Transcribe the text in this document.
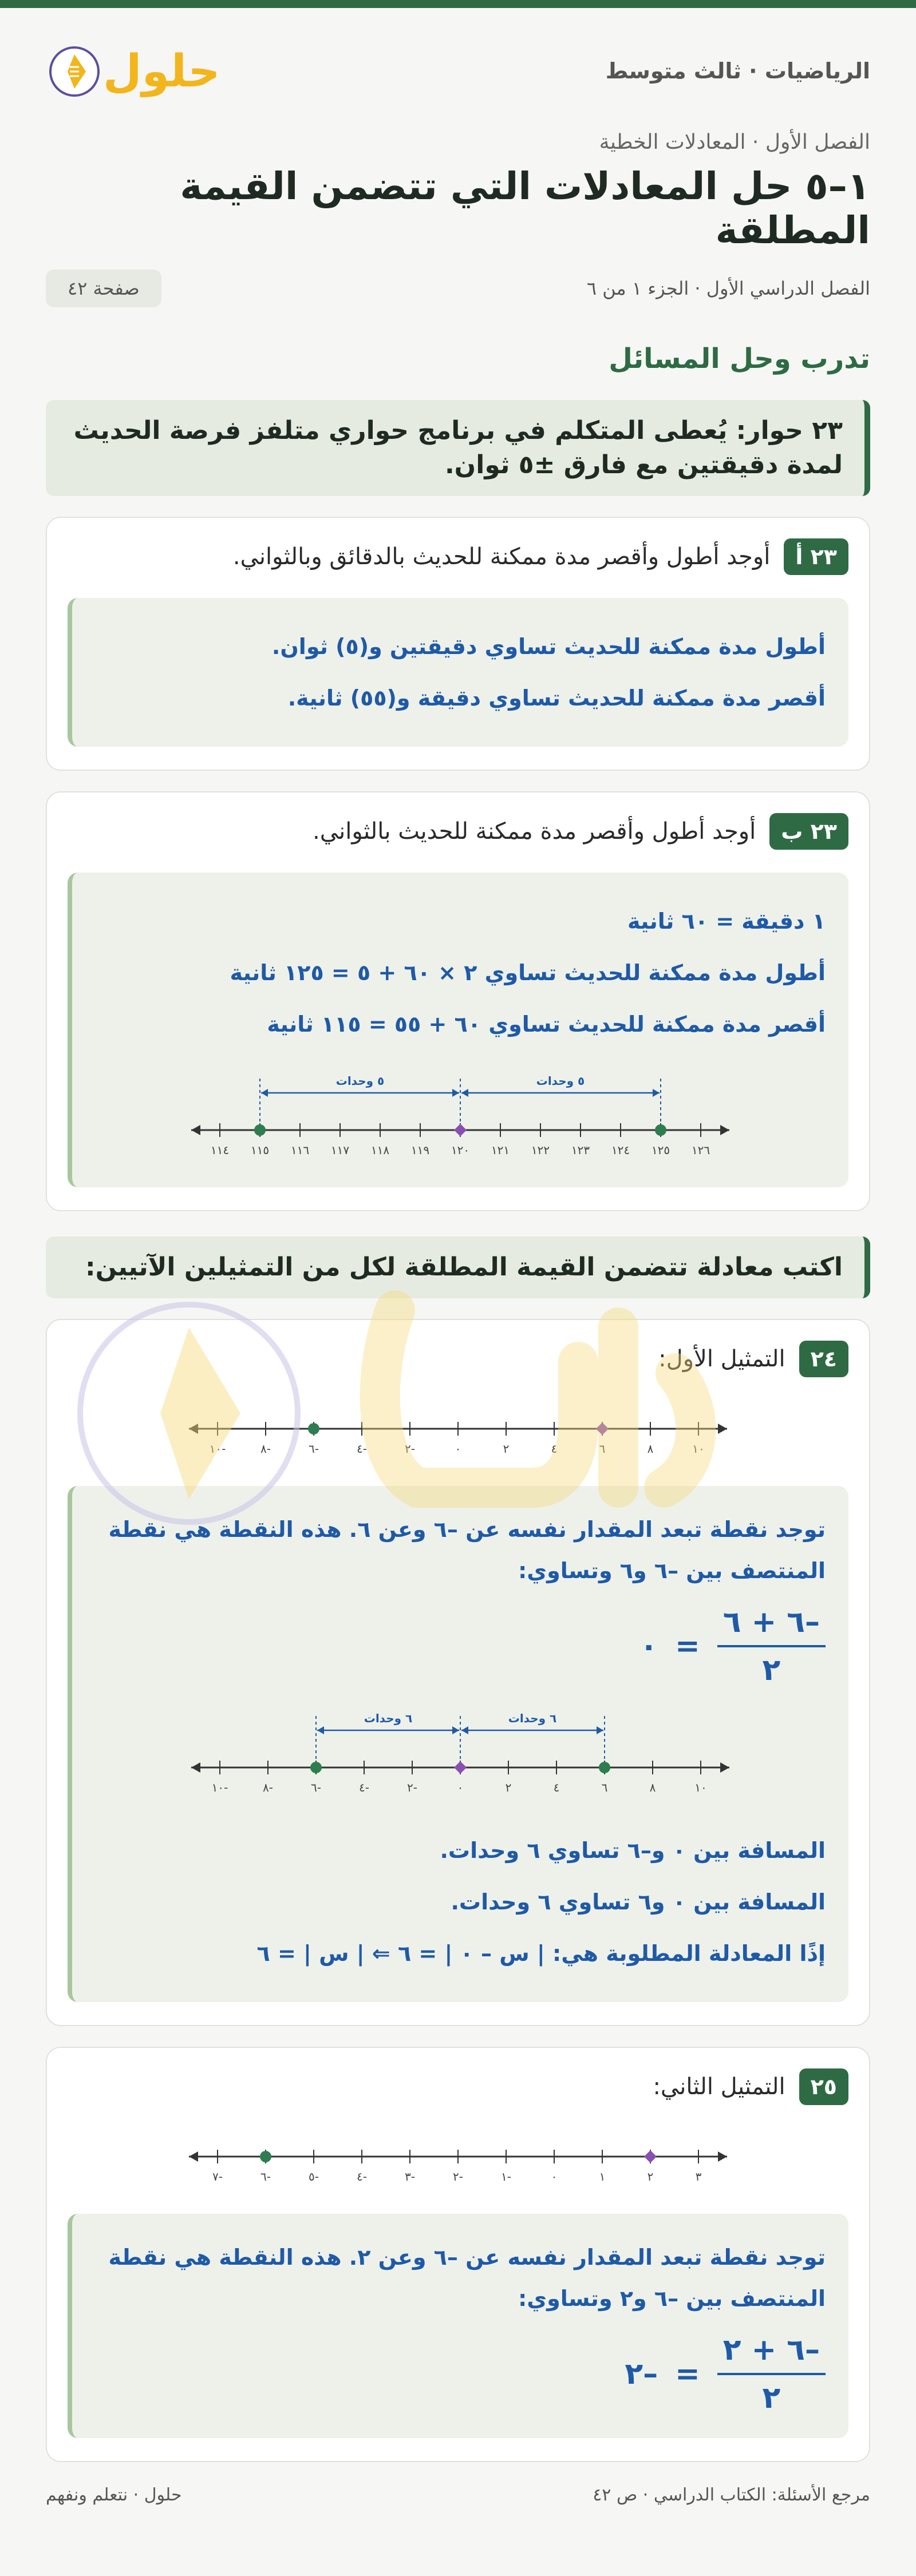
الرياضيات · ثالث متوسط
حلول
الفصل الأول · المعادلات الخطية
١–٥ حل المعادلات التي تتضمن القيمة المطلقة
الفصل الدراسي الأول · الجزء ١ من ٦
صفحة ٤٢
تدرب وحل المسائل
٢٣ حوار: يُعطى المتكلم في برنامج حواري متلفز فرصة الحديث لمدة دقيقتين مع فارق ±٥ ثوان.
٢٣ أ
أوجد أطول وأقصر مدة ممكنة للحديث بالدقائق وبالثواني.
أطول مدة ممكنة للحديث تساوي دقيقتين و(٥) ثوان.
أقصر مدة ممكنة للحديث تساوي دقيقة و(٥٥) ثانية.
٢٣ ب
أوجد أطول وأقصر مدة ممكنة للحديث بالثواني.
١ دقيقة = ٦٠ ثانية
أطول مدة ممكنة للحديث تساوي ٢ × ٦٠ + ٥ = ١٢٥ ثانية
أقصر مدة ممكنة للحديث تساوي ٦٠ + ٥٥ = ١١٥ ثانية
١١٤ ١١٥ ١١٦ ١١٧ ١١٨ ١١٩ ١٢٠ ١٢١ ١٢٢ ١٢٣ ١٢٤ ١٢٥ ١٢٦
٥ وحدات	٥ وحدات
اكتب معادلة تتضمن القيمة المطلقة لكل من التمثيلين الآتيين:
٢٤
التمثيل الأول:
-١٠	-٨	-٦	-٤	-٢	٠	٢	٤	٦	٨	١٠
توجد نقطة تبعد المقدار نفسه عن –٦ وعن ٦. هذه النقطة هي نقطة
المنتصف بين –٦ و٦ وتساوي:
$\frac{-٦ + ٦}{٢}$
=
٠
-١٠	-٨	-٦	-٤	-٢	٠	٢	٤	٦	٨	١٠
٦ وحدات	٦ وحدات
المسافة بين ٠ و–٦ تساوي ٦ وحدات.
المسافة بين ٠ و٦ تساوي ٦ وحدات.
إذًا المعادلة المطلوبة هي: | س – ٠ | = ٦ ⇐ | س | = ٦
٢٥
التمثيل الثاني:
-٧	-٦	-٥	-٤	-٣	-٢	-١	٠	١	٢	٣
توجد نقطة تبعد المقدار نفسه عن –٦ وعن ٢. هذه النقطة هي نقطة
المنتصف بين –٦ و٢ وتساوي:
$\frac{-٦ + ٢}{٢}$
=
–٢
مرجع الأسئلة: الكتاب الدراسي · ص ٤٢
حلول · نتعلم ونفهم
